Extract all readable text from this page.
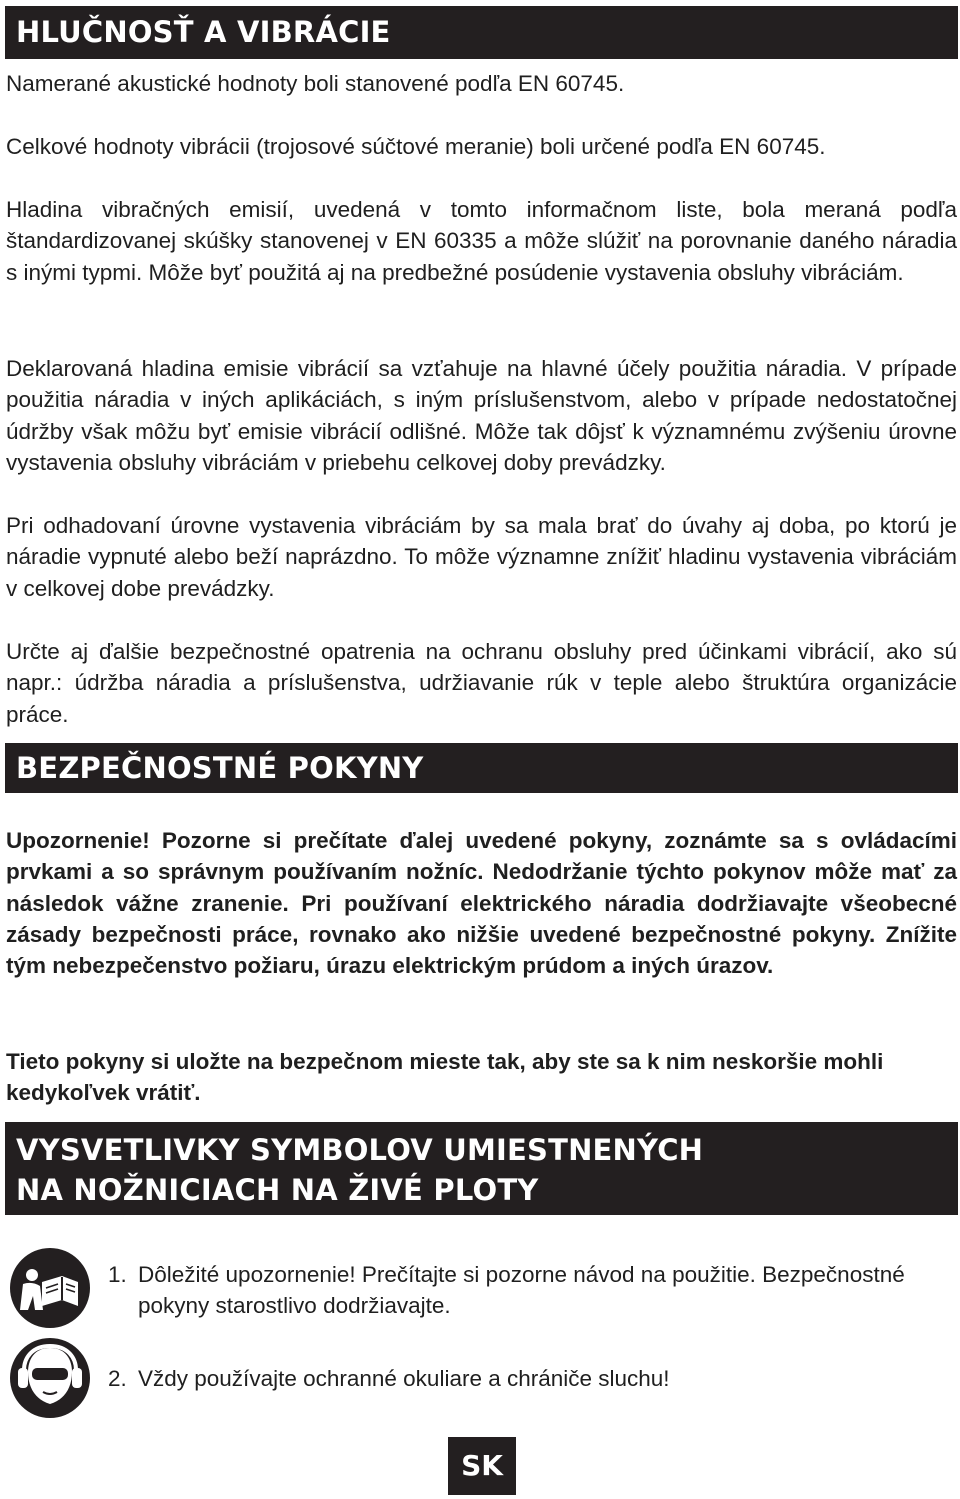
HLUČNOSŤ A VIBRÁCIE

Namerané akustické hodnoty boli stanovené podľa EN 60745.

Celkové hodnoty vibrácii (trojosové súčtové meranie) boli určené podľa EN 60745.

Hladina vibračných emisií, uvedená v tomto informačnom liste, bola meraná podľa štandardizovanej skúšky stanovenej v EN 60335 a môže slúžiť na porovnanie daného náradia s inými typmi. Môže byť použitá aj na predbežné posúdenie vystavenia obsluhy vibráciám.

Deklarovaná hladina emisie vibrácií sa vzťahuje na hlavné účely použitia náradia. V prípade použitia náradia v iných aplikáciách, s iným príslušenstvom, alebo v prípade nedostatočnej údržby však môžu byť emisie vibrácií odlišné. Môže tak dôjsť k významnému zvýšeniu úrovne vystavenia obsluhy vibráciám v priebehu celkovej doby prevádzky.

Pri odhadovaní úrovne vystavenia vibráciám by sa mala brať do úvahy aj doba, po ktorú je náradie vypnuté alebo beží naprázdno. To môže významne znížiť hladinu vystavenia vibráciám v celkovej dobe prevádzky.

Určte aj ďalšie bezpečnostné opatrenia na ochranu obsluhy pred účinkami vibrácií, ako sú napr.: údržba náradia a príslušenstva, udržiavanie rúk v teple alebo štruktúra organizácie práce.

BEZPEČNOSTNÉ POKYNY

Upozornenie! Pozorne si prečítate ďalej uvedené pokyny, zoznámte sa s ovládacími prvkami a so správnym používaním nožníc. Nedodržanie týchto pokynov môže mať za následok vážne zranenie. Pri používaní elektrického náradia dodržiavajte všeobecné zásady bezpečnosti práce, rovnako ako nižšie uvedené bezpečnostné pokyny. Znížite tým nebezpečenstvo požiaru, úrazu elektrickým prúdom a iných úrazov.

Tieto pokyny si uložte na bezpečnom mieste tak, aby ste sa k nim neskoršie mohli kedykoľvek vrátiť.

VYSVETLIVKY SYMBOLOV UMIESTNENÝCH
NA NOŽNICIACH NA ŽIVÉ PLOTY

1. Dôležité upozornenie! Prečítajte si pozorne návod na použitie. Bezpečnostné pokyny starostlivo dodržiavajte.

2. Vždy používajte ochranné okuliare a chrániče sluchu!

SK
